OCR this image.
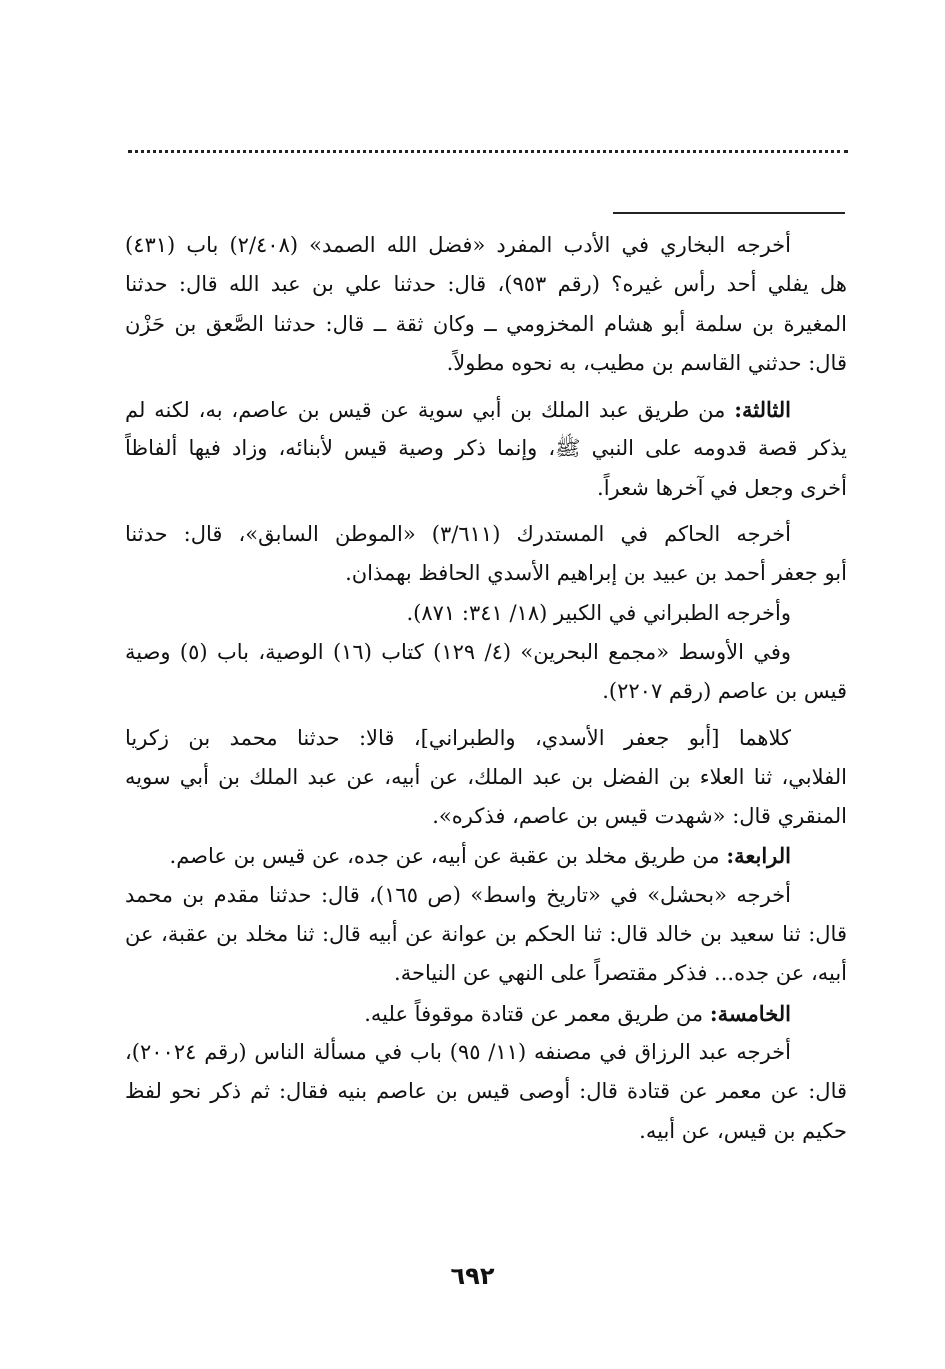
أخرجه البخاري في الأدب المفرد «فضل الله الصمد» (٢/٤٠٨) باب (٤٣١)
هل يفلي أحد رأس غيره؟ (رقم ٩٥٣)، قال: حدثنا علي بن عبد الله قال: حدثنا
المغيرة بن سلمة أبو هشام المخزومي ــ وكان ثقة ــ قال: حدثنا الصَّعق بن حَزْن
قال: حدثني القاسم بن مطيب، به نحوه مطولاً.
الثالثة: من طريق عبد الملك بن أبي سوية عن قيس بن عاصم، به، لكنه لم
يذكر قصة قدومه على النبي ﷺ، وإنما ذكر وصية قيس لأبنائه، وزاد فيها ألفاظاً
أخرى وجعل في آخرها شعراً.
أخرجه الحاكم في المستدرك (٣/٦١١) «الموطن السابق»، قال: حدثنا
أبو جعفر أحمد بن عبيد بن إبراهيم الأسدي الحافظ بهمذان.
وأخرجه الطبراني في الكبير (١٨/ ٣٤١: ٨٧١).
وفي الأوسط «مجمع البحرين» (٤/ ١٢٩) كتاب (١٦) الوصية، باب (٥) وصية
قيس بن عاصم (رقم ٢٢٠٧).
كلاهما [أبو جعفر الأسدي، والطبراني]، قالا: حدثنا محمد بن زكريا
الفلابي، ثنا العلاء بن الفضل بن عبد الملك، عن أبيه، عن عبد الملك بن أبي سويه
المنقري قال: «شهدت قيس بن عاصم، فذكره».
الرابعة: من طريق مخلد بن عقبة عن أبيه، عن جده، عن قيس بن عاصم.
أخرجه «بحشل» في «تاريخ واسط» (ص ١٦٥)، قال: حدثنا مقدم بن محمد
قال: ثنا سعيد بن خالد قال: ثنا الحكم بن عوانة عن أبيه قال: ثنا مخلد بن عقبة، عن
أبيه، عن جده... فذكر مقتصراً على النهي عن النياحة.
الخامسة: من طريق معمر عن قتادة موقوفاً عليه.
أخرجه عبد الرزاق في مصنفه (١١/ ٩٥) باب في مسألة الناس (رقم ٢٠٠٢٤)،
قال: عن معمر عن قتادة قال: أوصى قيس بن عاصم بنيه فقال: ثم ذكر نحو لفظ
حكيم بن قيس، عن أبيه.
٦٩٢
